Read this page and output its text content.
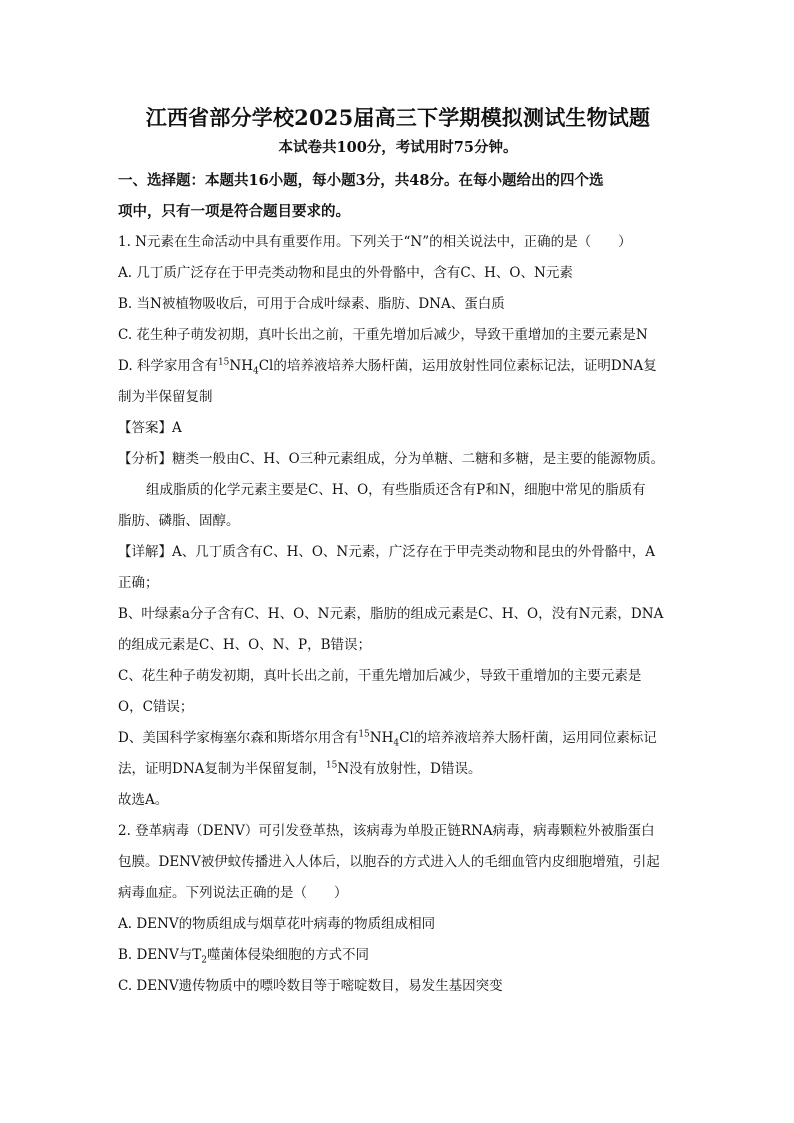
江西省部分学校2025届高三下学期模拟测试生物试题

本试卷共100分，考试用时75分钟。

一、选择题：本题共16小题，每小题3分，共48分。在每小题给出的四个选

项中，只有一项是符合题目要求的。

1. N元素在生命活动中具有重要作用。下列关于“N”的相关说法中，正确的是（　　）

A. 几丁质广泛存在于甲壳类动物和昆虫的外骨骼中，含有C、H、O、N元素

B. 当N被植物吸收后，可用于合成叶绿素、脂肪、DNA、蛋白质

C. 花生种子萌发初期，真叶长出之前，干重先增加后减少，导致干重增加的主要元素是N

D. 科学家用含有$^{15}NH_4Cl$的培养液培养大肠杆菌，运用放射性同位素标记法，证明DNA复

制为半保留复制

【答案】A

【分析】糖类一般由C、H、O三种元素组成，分为单糖、二糖和多糖，是主要的能源物质。

组成脂质的化学元素主要是C、H、O，有些脂质还含有P和N，细胞中常见的脂质有

脂肪、磷脂、固醇。

【详解】A、几丁质含有C、H、O、N元素，广泛存在于甲壳类动物和昆虫的外骨骼中，A

正确；

B、叶绿素a分子含有C、H、O、N元素，脂肪的组成元素是C、H、O，没有N元素，DNA

的组成元素是C、H、O、N、P，B错误；

C、花生种子萌发初期，真叶长出之前，干重先增加后减少，导致干重增加的主要元素是

O，C错误；

D、美国科学家梅塞尔森和斯塔尔用含有$^{15}NH_4Cl$的培养液培养大肠杆菌，运用同位素标记

法，证明DNA复制为半保留复制，$^{15}$N没有放射性，D错误。

故选A。

2. 登革病毒（DENV）可引发登革热，该病毒为单股正链RNA病毒，病毒颗粒外被脂蛋白

包膜。DENV被伊蚊传播进入人体后，以胞吞的方式进入人的毛细血管内皮细胞增殖，引起

病毒血症。下列说法正确的是（　　）

A. DENV的物质组成与烟草花叶病毒的物质组成相同

B. DENV与$T_2$噬菌体侵染细胞的方式不同

C. DENV遗传物质中的嘌呤数目等于嘧啶数目，易发生基因突变
